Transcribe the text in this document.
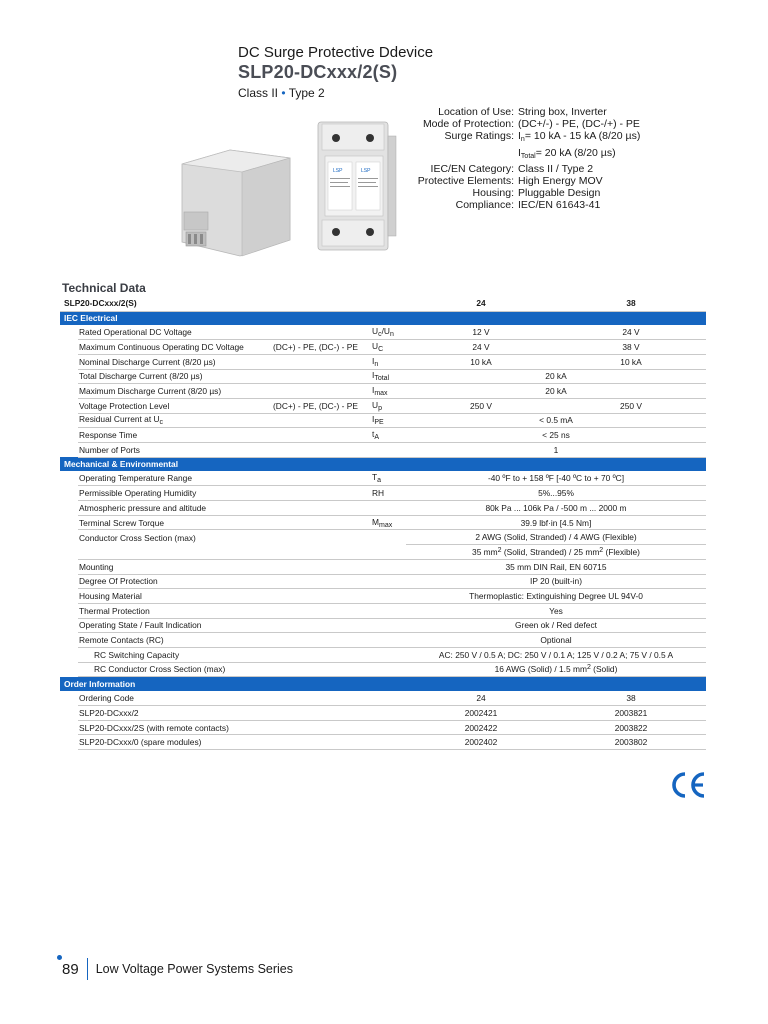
DC Surge Protective Ddevice
SLP20-DCxxx/2(S)
Class II • Type 2
LSP	LSP
Location of Use: String box, Inverter
Mode of Protection: (DC+/-) - PE, (DC-/+) - PE
Surge Ratings: $I_n= 10$ kA - 15 kA (8/20 µs)
$I_{Total}= 20$ kA (8/20 µs)
IEC/EN Category: Class II / Type 2
Protective Elements: High Energy MOV
Housing: Pluggable Design
Compliance: IEC/EN 61643-41
Technical Data
SLP20-DCxxx/2(S)				24	38
IEC Electrical					
	Rated Operational DC Voltage		$U_c/U_n$	12 V	24 V
	Maximum Continuous Operating DC Voltage	(DC+) - PE, (DC-) - PE	$U_C$	24 V	38 V
	Nominal Discharge Current (8/20 µs)		$I_n$	10 kA	10 kA
	Total Discharge Current (8/20 µs)		$I_{Total}$	20 kA	
	Maximum Discharge Current (8/20 µs)		$I_{max}$	20 kA	
	Voltage Protection Level	(DC+) - PE, (DC-) - PE	$U_p$	250 V	250 V
	Residual Current at $U_c$		$I_{PE}$	< 0.5 mA	
	Response Time		$t_A$	< 25 ns	
	Number of Ports			1	
Mechanical & Environmental					
	Operating Temperature Range		$T_a$	-40 ºF to + 158 ºF [-40 ºC to + 70 ºC]	
	Permissible Operating Humidity		RH	5%...95%	
	Atmospheric pressure and altitude			80k Pa ... 106k Pa / -500 m ... 2000 m	
	Terminal Screw Torque		$M_{max}$	39.9 lbf·in [4.5 Nm]	
	Conductor Cross Section (max)			2 AWG (Solid, Stranded) / 4 AWG (Flexible)	
				35 $mm^2$ (Solid, Stranded) / 25 $mm^2$ (Flexible)	
	Mounting			35 mm DIN Rail, EN 60715	
	Degree Of Protection			IP 20 (built-in)	
	Housing Material			Thermoplastic: Extinguishing Degree UL 94V-0	
	Thermal Protection			Yes	
	Operating State / Fault Indication			Green ok / Red defect	
	Remote Contacts (RC)			Optional	
	RC Switching Capacity			AC: 250 V / 0.5 A; DC: 250 V / 0.1 A; 125 V / 0.2 A; 75 V / 0.5 A	
	RC Conductor Cross Section (max)			16 AWG (Solid) / 1.5 $mm^2$ (Solid)	
Order Information					
	Ordering Code			24	38
	SLP20-DCxxx/2			2002421	2003821
	SLP20-DCxxx/2S (with remote contacts)			2002422	2003822
	SLP20-DCxxx/0 (spare modules)			2002402	2003802
89 Low Voltage Power Systems Series
